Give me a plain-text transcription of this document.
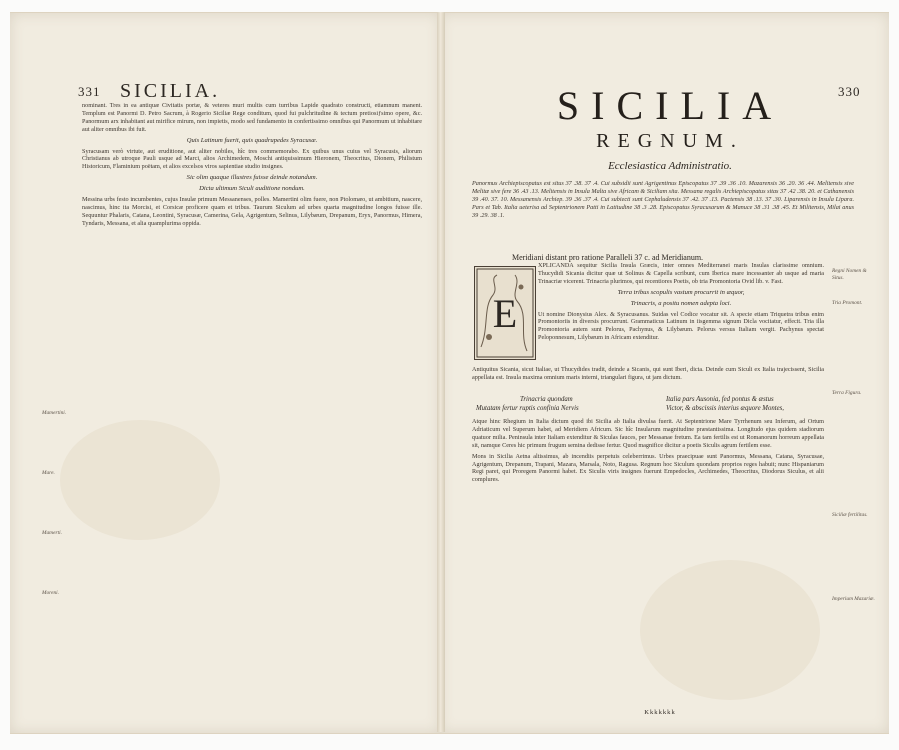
331 SICILIA.

nominant. Tres in ea antiquæ Civitatis portæ, & veteres muri multis cum turribus Lapide quadrato constructi, etiamnum manent. Templum est Panormi D. Petro Sacrum, à Rogerio Siciliæ Rege conditum, quod fui pulchritudine & tectum pretiosiƒsimo opere, &c. Panormum arx inhabitant aut mirifice mirum, non impietis, modo sed fundamento in confertissimo omnibus qui Panormum ut inhabitare aut aliter omnibus ibi fuit.

Quis Latinum fuerit, quis quadrupedes Syracusæ.

Syracusam verò virtute, aut eruditione, aut aliter nobiles, hîc tres commemorabo. Ex quibus unus cuius vel Syracusis, aliorum Christianus ab utroque Pauli usque ad Marci, alios Archimedem, Moschi antiquissimum Hieronem, Theocritus, Dionem, Philistum Historicum, Flaminium poëtam, et alios excelsos viros sapientiae studio insignes.

Sic olim quaque illustres fuisse deinde notandum.
Dicta ultimum Siculi auditione nondum.

Messina urbs festo incumbentes, cujus Insulæ primum Messanenses, polles. Mamertini olim fuere, non Ptolomæo, ut ambitium, nascere, nascimus, hinc ita Morcisi, et Corsicæ proficere quam et tribus. Taurum Siculum ad urbes quarta magnitudine longos fuisse ille. Sequuntur Phalaris, Catana, Leontini, Syracusæ, Camerina, Gela, Agrigentum, Selinus, Lilybæum, Drepanum, Eryx, Panormus, Himera, Tyndaris, Messana, et alia quamplurima oppida.

Mamertini.
Mare.
Mamerti.
Moreni.
330
SICILIA
REGNUM.
Ecclesiastica Administratio.
Panormus Archiepiscopatus est situs 37 .38. 37 .4. Cui subsidii sunt Agrigentinus Episcopatus 37 .39 .36 .10. Mazarensis 36 .20. 36 .44. Melitensis sive Melitæ sive fere 36 .43 .13. Melitensis in Insula Malta sive Africam & Siciliam sita. Messana regalis Archiepiscopatus sitas 37 .42 .38. 20. et Cathanensis 39 .40. 37. 10. Messanensis Archiep. 39 .36 .37 .4. Cui subiecti sunt Cephaludensis 37 .42. 37 .13. Pactensis 38 .13. 37 .30. Liparensis in Insula Lipara. Pars et Tab. Italia ueterisa ad Septentrionem Patti in Latitudine 38 .3 .28. Episcopatus Syracusarum & Manuce 38 .31 .38 .45. Et Militensis, Milai anus 39 .29. 38 .1.
Meridiani distant pro ratione Paralleli 37 c. ad Meridianum.
E

XPLICANDA sequitur Sicilia Insula Græcis, inter omnes Mediterranei maris Insulas clarissime omnium. Thucydidi Sicania dicitur quæ ut Solinus & Capella scribunt, cum Iberica mare incessanter ab usque ad maria Trinacriæ vicerent. Trinacria plurimos, qui recentiores Poetis, ob tria Promontoria Ovid lib. v. Fast.

Terra tribus scopulis vastum procurrit in æquor,
Trinacris, a positu nomen adepta loci.

Ut nomine Dionysius Alex. & Syracusanus. Suidas vel Codice vocatur sit. A specie etiam Triquetra tribus enim Promontoriis in diversis procurrunt. Grammaticus Latinum in iisgemma signum Dicla vocitatur, effecit. Tria illa Promontoria autem sunt Pelorus, Pachynus, & Lilybæum. Pelorus versus Italiam vergit. Pachynus spectat Peloponnesum, Lilybæum in Africam extenditur.

Antiquitus Sicania, sicut Italiae, ut Thucydides tradit, deinde a Sicanis, qui sunt Iberi, dicta. Deinde cum Siculi ex Italia trajecissent, Sicilia appellata est. Insula maxima omnium maris interni, triangulari figura, ut jam dictum.

Trinacria quondam
Mutatam fertur ruptis confinia Nervis
Italia pars Ausonia, fed pontus & æstus
Victor, & abscissis interius æquore Montes,

Atque hinc Rhegium in Italia dictum quod ibi Sicilia ab Italia divulsa fuerit. At Septentrione Mare Tyrrhenum seu Inferum, ad Ortum Adriaticum vel Superum habet, ad Meridiem Africum. Sic hîc Insularum magnitudine præstantissima. Longitudo ejus quidem stadiorum quatuor milia. Peninsula inter Italiam extenditur & Siculas fauces, per Messanae fretum. Ea tam fertilis est ut Romanorum horreum appellata sit, namque Ceres hic primum frugum semina dedisse fertur. Quod magnifice dicitur a poetis Siculis agrum fertilem esse.

Mons in Sicilia Aetna altissimus, ab incendiis perpetuis celeberrimus. Urbes praecipuae sunt Panormus, Messana, Catana, Syracusae, Agrigentum, Drepanum, Trapani, Mazara, Marsala, Noto, Ragusa. Regnum hoc Siculum quondam proprios reges habuit; nunc Hispaniarum Regi paret, qui Proregem Panormi habet. Ex Siculis viris insignes fuerunt Empedocles, Archimedes, Theocritus, Diodorus Siculus, et alii complures.

Kkkkkkk
Regni Nomen & Situs.
Tria Promont.
Terra Figura.
Siciliæ fertilitas.
Imperium Mazariæ.
